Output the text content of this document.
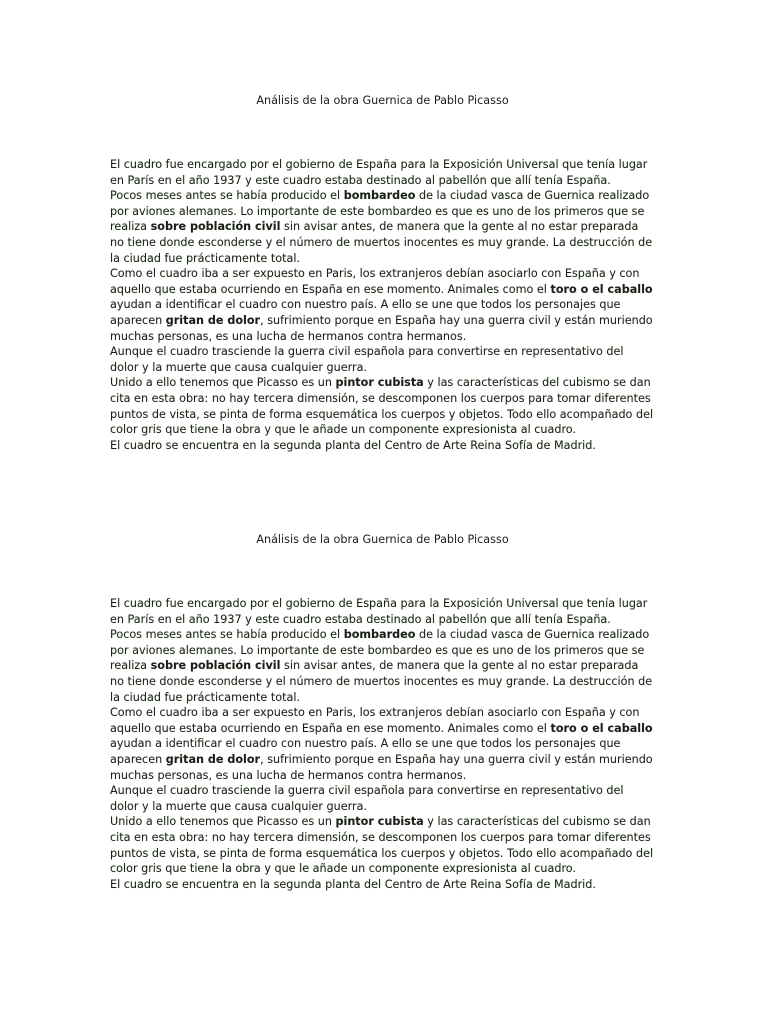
Análisis de la obra Guernica de Pablo Picasso

El cuadro fue encargado por el gobierno de España para la Exposición Universal que tenía lugar en París en el año 1937 y este cuadro estaba destinado al pabellón que allí tenía España.

Pocos meses antes se había producido el bombardeo de la ciudad vasca de Guernica realizado por aviones alemanes. Lo importante de este bombardeo es que es uno de los primeros que se realiza sobre población civil sin avisar antes, de manera que la gente al no estar preparada no tiene donde esconderse y el número de muertos inocentes es muy grande. La destrucción de la ciudad fue prácticamente total.

Como el cuadro iba a ser expuesto en Paris, los extranjeros debían asociarlo con España y con aquello que estaba ocurriendo en España en ese momento. Animales como el toro o el caballo ayudan a identificar el cuadro con nuestro país. A ello se une que todos los personajes que aparecen gritan de dolor, sufrimiento porque en España hay una guerra civil y están muriendo muchas personas, es una lucha de hermanos contra hermanos.

Aunque el cuadro trasciende la guerra civil española para convertirse en representativo del dolor y la muerte que causa cualquier guerra.

Unido a ello tenemos que Picasso es un pintor cubista y las características del cubismo se dan cita en esta obra: no hay tercera dimensión, se descomponen los cuerpos para tomar diferentes puntos de vista, se pinta de forma esquemática los cuerpos y objetos. Todo ello acompañado del color gris que tiene la obra y que le añade un componente expresionista al cuadro.

El cuadro se encuentra en la segunda planta del Centro de Arte Reina Sofía de Madrid.

Análisis de la obra Guernica de Pablo Picasso

El cuadro fue encargado por el gobierno de España para la Exposición Universal que tenía lugar en París en el año 1937 y este cuadro estaba destinado al pabellón que allí tenía España.

Pocos meses antes se había producido el bombardeo de la ciudad vasca de Guernica realizado por aviones alemanes. Lo importante de este bombardeo es que es uno de los primeros que se realiza sobre población civil sin avisar antes, de manera que la gente al no estar preparada no tiene donde esconderse y el número de muertos inocentes es muy grande. La destrucción de la ciudad fue prácticamente total.

Como el cuadro iba a ser expuesto en Paris, los extranjeros debían asociarlo con España y con aquello que estaba ocurriendo en España en ese momento. Animales como el toro o el caballo ayudan a identificar el cuadro con nuestro país. A ello se une que todos los personajes que aparecen gritan de dolor, sufrimiento porque en España hay una guerra civil y están muriendo muchas personas, es una lucha de hermanos contra hermanos.

Aunque el cuadro trasciende la guerra civil española para convertirse en representativo del dolor y la muerte que causa cualquier guerra.

Unido a ello tenemos que Picasso es un pintor cubista y las características del cubismo se dan cita en esta obra: no hay tercera dimensión, se descomponen los cuerpos para tomar diferentes puntos de vista, se pinta de forma esquemática los cuerpos y objetos. Todo ello acompañado del color gris que tiene la obra y que le añade un componente expresionista al cuadro.

El cuadro se encuentra en la segunda planta del Centro de Arte Reina Sofía de Madrid.
